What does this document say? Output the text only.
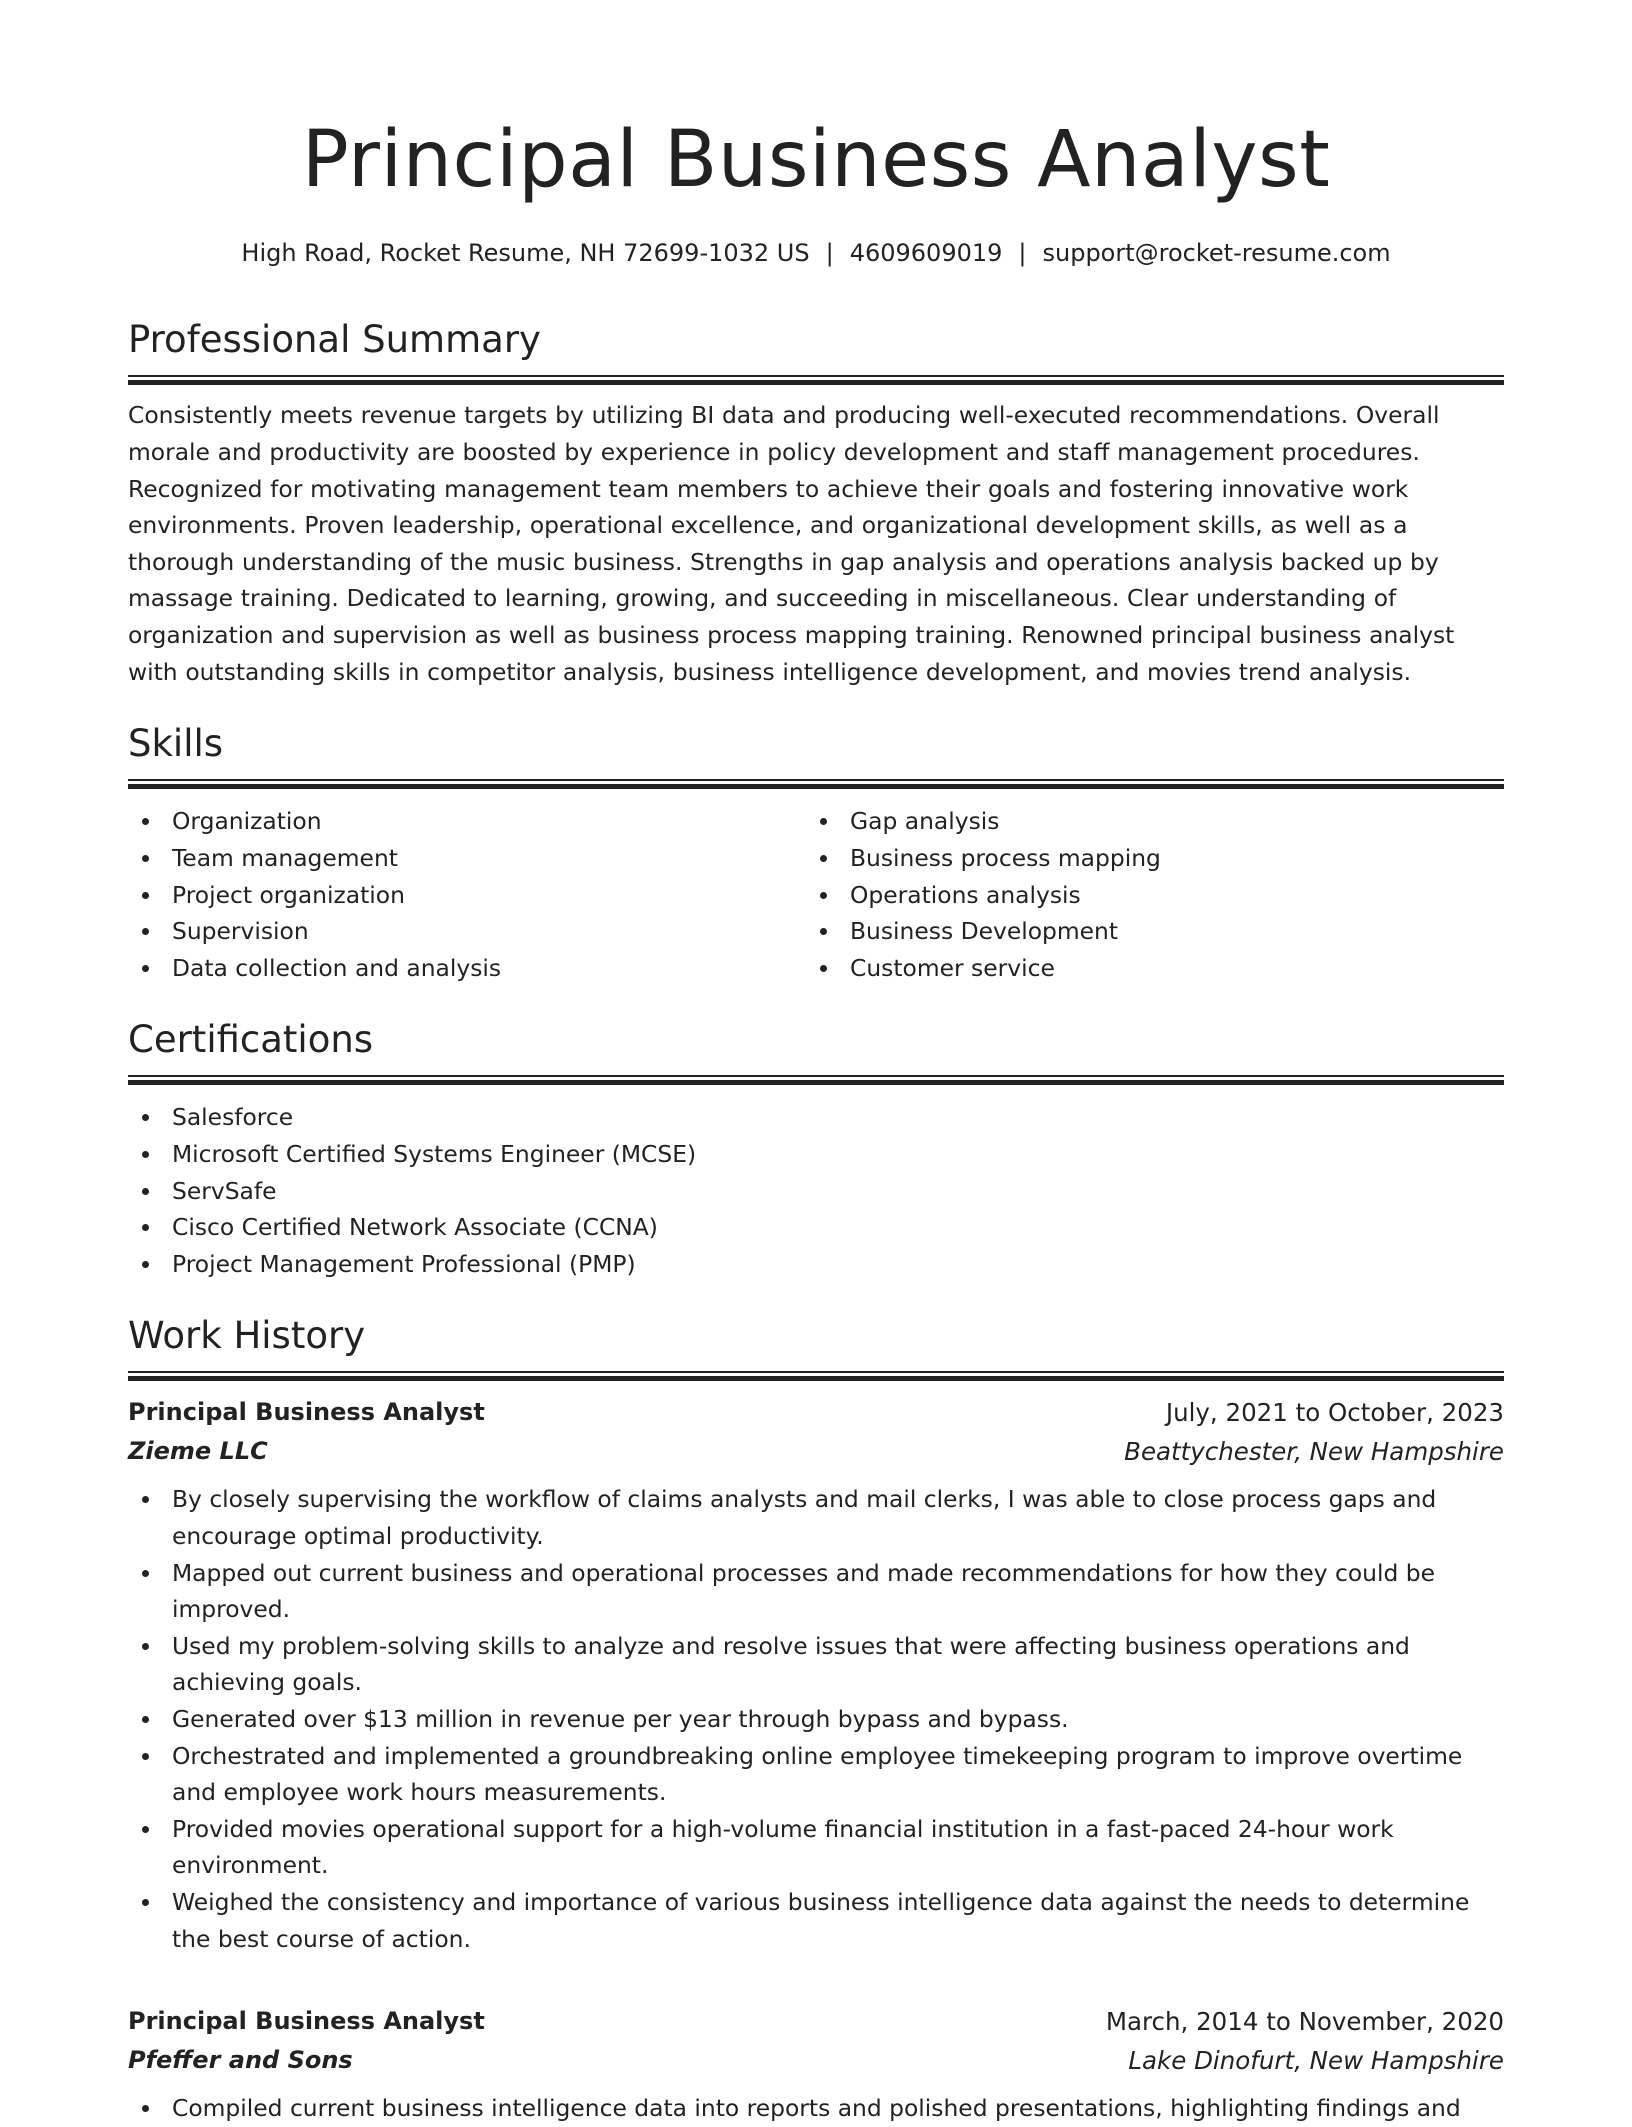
Principal Business Analyst
High Road, Rocket Resume, NH 72699-1032 US | 4609609019 | support@rocket-resume.com
Professional Summary

Consistently meets revenue targets by utilizing BI data and producing well-executed recommendations. Overall morale and productivity are boosted by experience in policy development and staff management procedures. Recognized for motivating management team members to achieve their goals and fostering innovative work environments. Proven leadership, operational excellence, and organizational development skills, as well as a thorough understanding of the music business. Strengths in gap analysis and operations analysis backed up by massage training. Dedicated to learning, growing, and succeeding in miscellaneous. Clear understanding of organization and supervision as well as business process mapping training. Renowned principal business analyst with outstanding skills in competitor analysis, business intelligence development, and movies trend analysis.

Skills
Organization
Team management
Project organization
Supervision
Data collection and analysis
Gap analysis
Business process mapping
Operations analysis
Business Development
Customer service
Certifications
Salesforce
Microsoft Certified Systems Engineer (MCSE)
ServSafe
Cisco Certified Network Associate (CCNA)
Project Management Professional (PMP)
Work History
Principal Business Analyst	July, 2021 to October, 2023
Zieme LLC	Beattychester, New Hampshire
By closely supervising the workflow of claims analysts and mail clerks, I was able to close process gaps and encourage optimal productivity.
Mapped out current business and operational processes and made recommendations for how they could be improved.
Used my problem-solving skills to analyze and resolve issues that were affecting business operations and achieving goals.
Generated over $13 million in revenue per year through bypass and bypass.
Orchestrated and implemented a groundbreaking online employee timekeeping program to improve overtime and employee work hours measurements.
Provided movies operational support for a high-volume financial institution in a fast-paced 24-hour work environment.
Weighed the consistency and importance of various business intelligence data against the needs to determine the best course of action.
Principal Business Analyst	March, 2014 to November, 2020
Pfeffer and Sons	Lake Dinofurt, New Hampshire
Compiled current business intelligence data into reports and polished presentations, highlighting findings and
